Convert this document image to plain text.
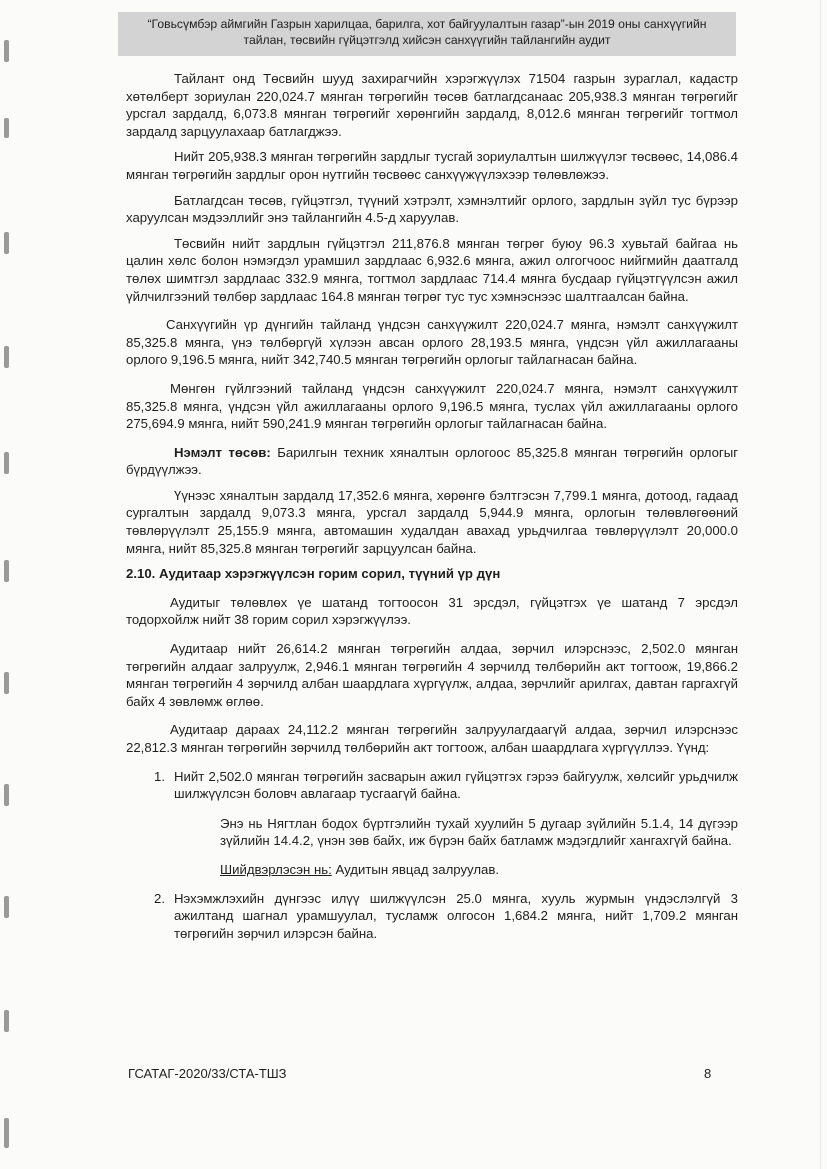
“Говьсүмбэр аймгийн Газрын харилцаа, барилга, хот байгуулалтын газар”-ын 2019 оны санхүүгийн
тайлан, төсвийн гүйцэтгэлд хийсэн санхүүгийн тайлангийн аудит

Тайлант онд Төсвийн шууд захирагчийн хэрэгжүүлэх 71504 газрын зураглал, кадастр хөтөлберт зориулан 220,024.7 мянган төгрөгийн төсөв батлагдсанаас 205,938.3 мянган төгрөгийг урсгал зардалд, 6,073.8 мянган төгрөгийг хөрөнгийн зардалд, 8,012.6 мянган төгрөгийг тогтмол зардалд зарцуулахаар батлагджээ.

Нийт 205,938.3 мянган төгрөгийн зардлыг тусгай зориулалтын шилжүүлэг төсвөөс, 14,086.4 мянган төгрөгийн зардлыг орон нутгийн төсвөөс санхүүжүүлэхээр төлөвлөжээ.

Батлагдсан төсөв, гүйцэтгэл, түүний хэтрэлт, хэмнэлтийг орлого, зардлын зүйл тус бүрээр харуулсан мэдээллийг энэ тайлангийн 4.5-д харуулав.

Төсвийн нийт зардлын гүйцэтгэл 211,876.8 мянган төгрөг буюу 96.3 хувьтай байгаа нь цалин хөлс болон нэмэгдэл урамшил зардлаас 6,932.6 мянга, ажил олгогчоос нийгмийн даатгалд төлөх шимтгэл зардлаас 332.9 мянга, тогтмол зардлаас 714.4 мянга бусдаар гүйцэтгүүлсэн ажил үйлчилгээний төлбөр зардлаас 164.8 мянган төгрөг тус тус хэмнэснээс шалтгаалсан байна.

Санхүүгийн үр дүнгийн тайланд үндсэн санхүүжилт 220,024.7 мянга, нэмэлт санхүүжилт 85,325.8 мянга, үнэ төлбөргүй хүлээн авсан орлого 28,193.5 мянга, үндсэн үйл ажиллагааны орлого 9,196.5 мянга, нийт 342,740.5 мянган төгрөгийн орлогыг тайлагнасан байна.

Мөнгөн гүйлгээний тайланд үндсэн санхүүжилт 220,024.7 мянга, нэмэлт санхүүжилт 85,325.8 мянга, үндсэн үйл ажиллагааны орлого 9,196.5 мянга, туслах үйл ажиллагааны орлого 275,694.9 мянга, нийт 590,241.9 мянган төгрөгийн орлогыг тайлагнасан байна.

Нэмэлт төсөв: Барилгын техник хяналтын орлогоос 85,325.8 мянган төгрөгийн орлогыг бүрдүүлжээ.

Үүнээс хяналтын зардалд 17,352.6 мянга, хөрөнгө бэлтгэсэн 7,799.1 мянга, дотоод, гадаад сургалтын зардалд 9,073.3 мянга, урсгал зардалд 5,944.9 мянга, орлогын төлөвлөгөөний төвлөрүүлэлт 25,155.9 мянга, автомашин худалдан авахад урьдчилгаа төвлөрүүлэлт 20,000.0 мянга, нийт 85,325.8 мянган төгрөгийг зарцуулсан байна.

2.10. Аудитаар хэрэгжүүлсэн горим сорил, түүний үр дүн

Аудитыг төлөвлөх үе шатанд тогтоосон 31 эрсдэл, гүйцэтгэх үе шатанд 7 эрсдэл тодорхойлж нийт 38 горим сорил хэрэгжүүлээ.

Аудитаар нийт 26,614.2 мянган төгрөгийн алдаа, зөрчил илэрснээс, 2,502.0 мянган төгрөгийн алдааг залруулж, 2,946.1 мянган төгрөгийн 4 зөрчилд төлбөрийн акт тогтоож, 19,866.2 мянган төгрөгийн 4 зөрчилд албан шаардлага хүргүүлж, алдаа, зөрчлийг арилгах, давтан гаргахгүй байх 4 зөвлөмж өглөө.

Аудитаар дараах 24,112.2 мянган төгрөгийн залруулагдаагүй алдаа, зөрчил илэрснээс 22,812.3 мянган төгрөгийн зөрчилд төлбөрийн акт тогтоож, албан шаардлага хүргүүллээ. Үүнд:

1. Нийт 2,502.0 мянган төгрөгийн засварын ажил гүйцэтгэх гэрээ байгуулж, хөлсийг урьдчилж шилжүүлсэн боловч авлагаар тусгаагүй байна.

Энэ нь Нягтлан бодох бүртгэлийн тухай хуулийн 5 дугаар зүйлийн 5.1.4, 14 дүгээр зүйлийн 14.4.2, үнэн зөв байх, иж бүрэн байх батламж мэдэгдлийг хангахгүй байна.

Шийдвэрлэсэн нь: Аудитын явцад залруулав.

2. Нэхэмжлэхийн дүнгээс илүү шилжүүлсэн 25.0 мянга, хууль журмын үндэслэлгүй 3 ажилтанд шагнал урамшуулал, тусламж олгосон 1,684.2 мянга, нийт 1,709.2 мянган төгрөгийн зөрчил илэрсэн байна.
ГСАТАГ-2020/33/СТА-ТШЗ	8
